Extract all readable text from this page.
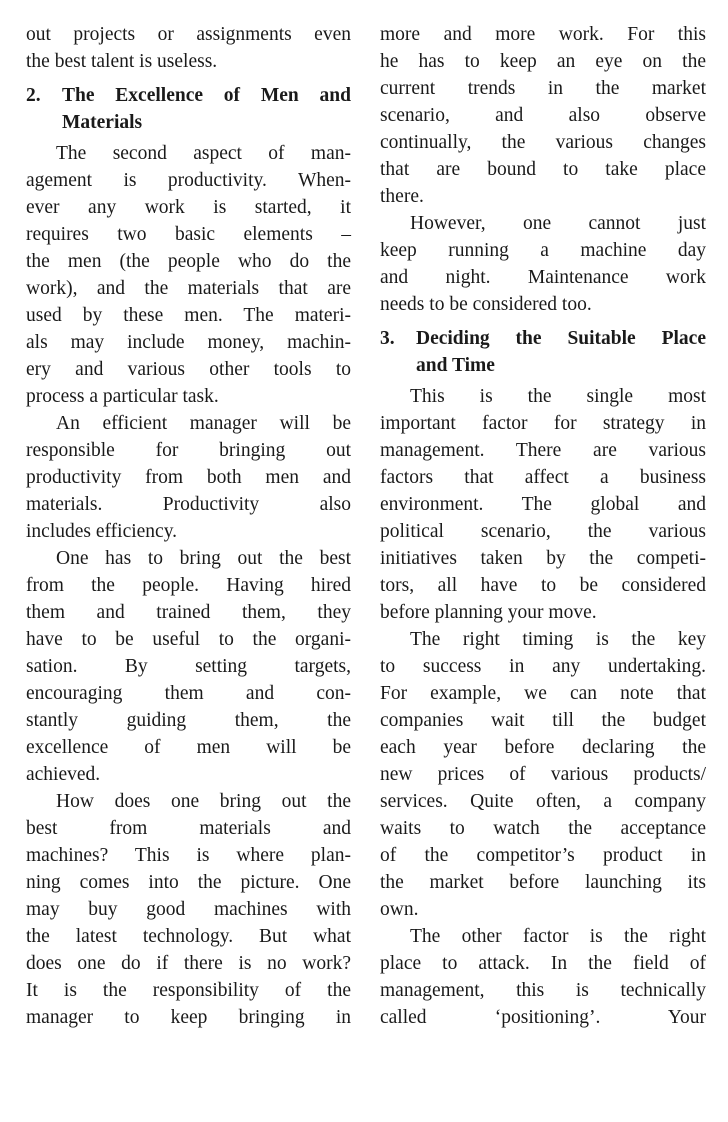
out projects or assignments even
the best talent is useless.
2.	The Excellence of Men and
Materials
The second aspect of man-
agement is productivity. When-
ever any work is started, it
requires two basic elements –
the men (the people who do the
work), and the materials that are
used by these men. The materi-
als may include money, machin-
ery and various other tools to
process a particular task.
An efficient manager will be
responsible for bringing out
productivity from both men and
materials. Productivity also
includes efficiency.
One has to bring out the best
from the people. Having hired
them and trained them, they
have to be useful to the organi-
sation. By setting targets,
encouraging them and con-
stantly guiding them, the
excellence of men will be
achieved.
How does one bring out the
best from materials and
machines? This is where plan-
ning comes into the picture. One
may buy good machines with
the latest technology. But what
does one do if there is no work?
It is the responsibility of the
manager to keep bringing in
more and more work. For this
he has to keep an eye on the
current trends in the market
scenario, and also observe
continually, the various changes
that are bound to take place
there.
However, one cannot just
keep running a machine day
and night. Maintenance work
needs to be considered too.
3.	Deciding the Suitable Place
and Time
This is the single most
important factor for strategy in
management. There are various
factors that affect a business
environment. The global and
political scenario, the various
initiatives taken by the competi-
tors, all have to be considered
before planning your move.
The right timing is the key
to success in any undertaking.
For example, we can note that
companies wait till the budget
each year before declaring the
new prices of various products/
services. Quite often, a company
waits to watch the acceptance
of the competitor’s product in
the market before launching its
own.
The other factor is the right
place to attack. In the field of
management, this is technically
called ‘positioning’. Your
